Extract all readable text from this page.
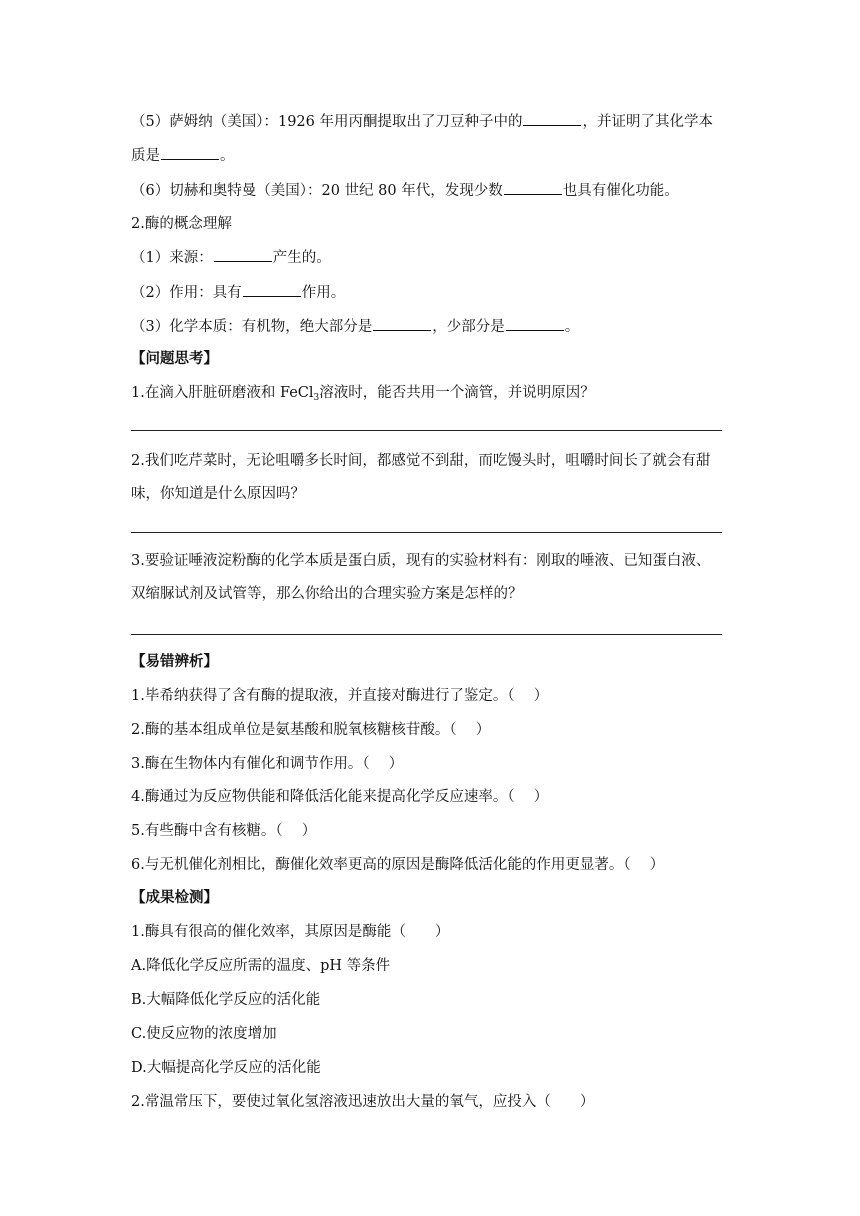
（5）萨姆纳（美国）：1926 年用丙酮提取出了刀豆种子中的	，并证明了其化学本
质是	。
（6）切赫和奥特曼（美国）：20 世纪 80 年代，发现少数	也具有催化功能。
2.酶的概念理解
（1）来源：	产生的。
（2）作用：具有	作用。
（3）化学本质：有机物，绝大部分是	，少部分是	。
【问题思考】
1.在滴入肝脏研磨液和 FeCl$_3$溶液时，能否共用一个滴管，并说明原因？
2.我们吃芹菜时，无论咀嚼多长时间，都感觉不到甜，而吃馒头时，咀嚼时间长了就会有甜
味，你知道是什么原因吗？
3.要验证唾液淀粉酶的化学本质是蛋白质，现有的实验材料有：刚取的唾液、已知蛋白液、
双缩脲试剂及试管等，那么你给出的合理实验方案是怎样的？
【易错辨析】
1.毕希纳获得了含有酶的提取液，并直接对酶进行了鉴定。（　 ）
2.酶的基本组成单位是氨基酸和脱氧核糖核苷酸。（　 ）
3.酶在生物体内有催化和调节作用。（　 ）
4.酶通过为反应物供能和降低活化能来提高化学反应速率。（　 ）
5.有些酶中含有核糖。（　 ）
6.与无机催化剂相比，酶催化效率更高的原因是酶降低活化能的作用更显著。（　 ）
【成果检测】
1.酶具有很高的催化效率，其原因是酶能（　　）
A.降低化学反应所需的温度、pH 等条件
B.大幅降低化学反应的活化能
C.使反应物的浓度增加
D.大幅提高化学反应的活化能
2.常温常压下，要使过氧化氢溶液迅速放出大量的氧气，应投入（　　）
